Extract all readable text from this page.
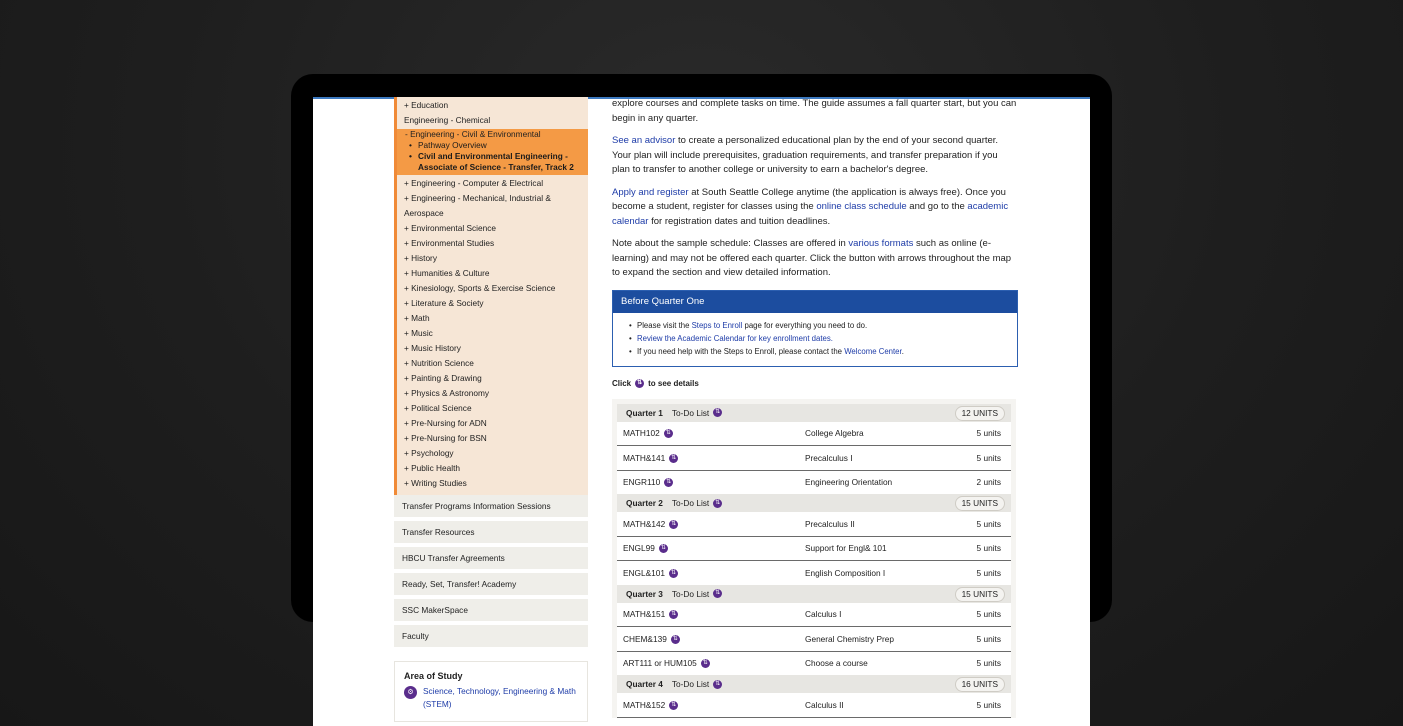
+ Education
Engineering - Chemical
- Engineering - Civil & Environmental
• Pathway Overview
• Civil and Environmental Engineering - Associate of Science - Transfer, Track 2
+ Engineering - Computer & Electrical
+ Engineering - Mechanical, Industrial & Aerospace
+ Environmental Science
+ Environmental Studies
+ History
+ Humanities & Culture
+ Kinesiology, Sports & Exercise Science
+ Literature & Society
+ Math
+ Music
+ Music History
+ Nutrition Science
+ Painting & Drawing
+ Physics & Astronomy
+ Political Science
+ Pre-Nursing for ADN
+ Pre-Nursing for BSN
+ Psychology
+ Public Health
+ Writing Studies
Transfer Programs Information Sessions
Transfer Resources
HBCU Transfer Agreements
Ready, Set, Transfer! Academy
SSC MakerSpace
Faculty
Area of Study
⚙	Science, Technology, Engineering & Math (STEM)

explore courses and complete tasks on time. The guide assumes a fall quarter start, but you can begin in any quarter.

See an advisor to create a personalized educational plan by the end of your second quarter. Your plan will include prerequisites, graduation requirements, and transfer preparation if you plan to transfer to another college or university to earn a bachelor's degree.

Apply and register at South Seattle College anytime (the application is always free). Once you become a student, register for classes using the online class schedule and go to the academic calendar for registration dates and tuition deadlines.

Note about the sample schedule: Classes are offered in various formats such as online (e-learning) and may not be offered each quarter. Click the button with arrows throughout the map to expand the section and view detailed information.

Before Quarter One
• Please visit the Steps to Enroll page for everything you need to do.
• Review the Academic Calendar for key enrollment dates.
• If you need help with the Steps to Enroll, please contact the Welcome Center.
Click ⇅ to see details
Quarter 1 To-Do List ⇅	12 UNITS
MATH102 ⇅	College Algebra	5 units
MATH&141 ⇅	Precalculus I	5 units
ENGR110 ⇅	Engineering Orientation	2 units
Quarter 2 To-Do List ⇅	15 UNITS
MATH&142 ⇅	Precalculus II	5 units
ENGL99 ⇅	Support for Engl& 101	5 units
ENGL&101 ⇅	English Composition I	5 units
Quarter 3 To-Do List ⇅	15 UNITS
MATH&151 ⇅	Calculus I	5 units
CHEM&139 ⇅	General Chemistry Prep	5 units
ART111 or HUM105 ⇅	Choose a course	5 units
Quarter 4 To-Do List ⇅	16 UNITS
MATH&152 ⇅	Calculus II	5 units
